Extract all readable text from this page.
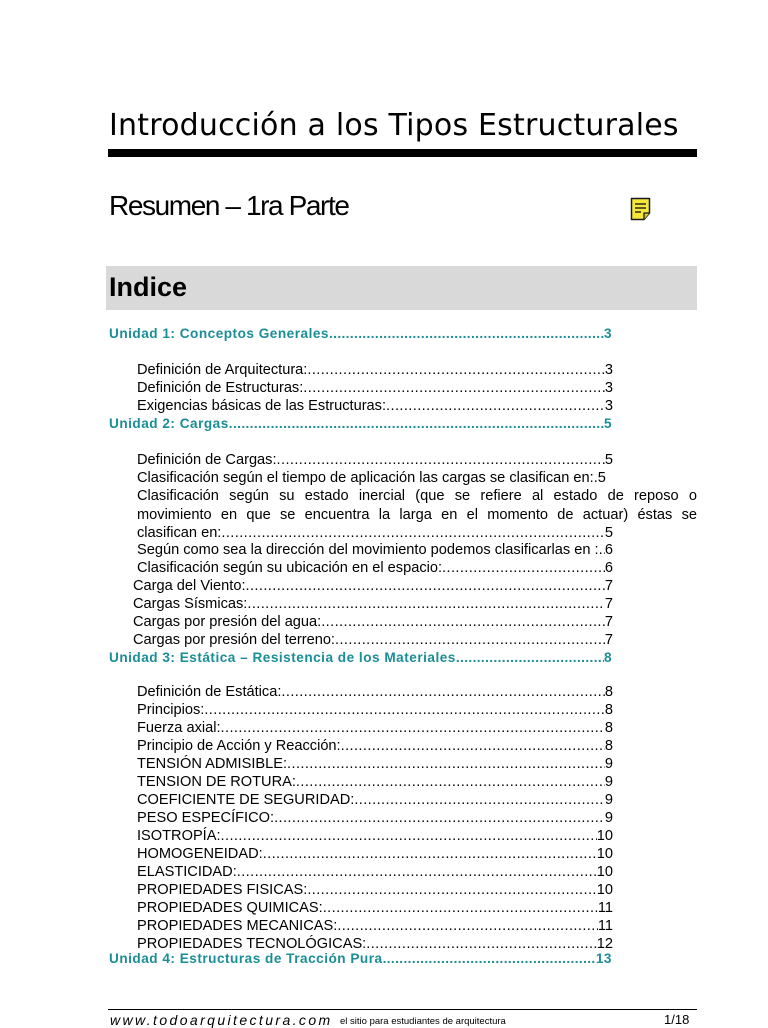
Introducción a los Tipos Estructurales
Resumen – 1ra Parte
Indice
Unidad 1: Conceptos Generales .....	3
Definición de Arquitectura: .....	3
Definición de Estructuras: .....	3
Exigencias básicas de las Estructuras: .....	3
Unidad 2: Cargas .....	5
Definición de Cargas: .....	5
Clasificación según el tiempo de aplicación las cargas se clasifican en:. 5
Clasificación según su estado inercial (que se refiere al estado de reposo o
movimiento en que se encuentra la larga en el momento de actuar) éstas se
clasifican en: .....	5
Según como sea la dirección del movimiento podemos clasificarlas en : ..... 6
Clasificación según su ubicación en el espacio: .....	6
Carga del Viento: .....	7
Cargas Sísmicas: .....	7
Cargas por presión del agua: .....	7
Cargas por presión del terreno: .....	7
Unidad 3: Estática – Resistencia de los Materiales .....	8
Definición de Estática: .....	8
Principios: .....	8
Fuerza axial: .....	8
Principio de Acción y Reacción: .....	8
TENSIÓN ADMISIBLE: .....	9
TENSION DE ROTURA: .....	9
COEFICIENTE DE SEGURIDAD: .....	9
PESO ESPECÍFICO: .....	9
ISOTROPÍA: .....	10
HOMOGENEIDAD: .....	10
ELASTICIDAD: .....	10
PROPIEDADES FISICAS: .....	10
PROPIEDADES QUIMICAS: .....	11
PROPIEDADES MECANICAS: .....	11
PROPIEDADES TECNOLÓGICAS: .....	12
Unidad 4: Estructuras de Tracción Pura .....	13
www.todoarquitectura.com el sitio para estudiantes de arquitectura	1/18
